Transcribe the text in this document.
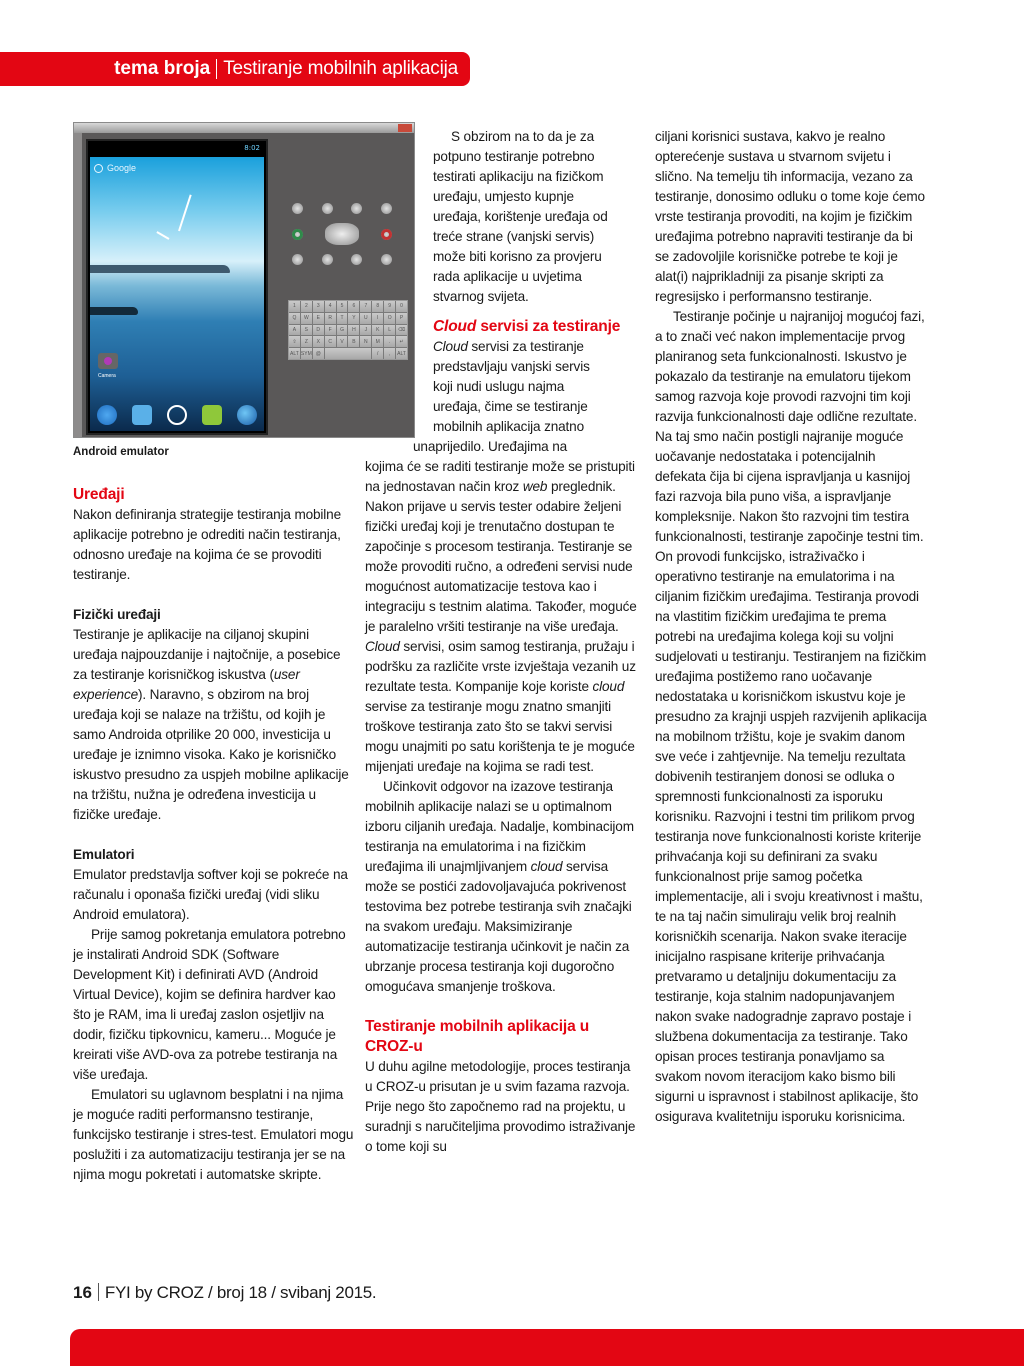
tema broja Testiranje mobilnih aplikacija
8:02
Google
Camera
1	2	3	4	5	6	7	8	9	0
Q	W	E	R	T	Y	U	I	O	P
A	S	D	F	G	H	J	K	L	⌫
⇧	Z	X	C	V	B	N	M	.	↵
ALT SYM @	/	,	ALT
Android emulator
Uređaji

Nakon definiranja strategije testiranja mobilne aplikacije potrebno je odrediti način testiranja, odnosno uređaje na kojima će se provoditi testiranje.

Fizički uređaji

Testiranje je aplikacije na ciljanoj skupini uređaja najpouzdanije i najtočnije, a posebice za testiranje korisničkog iskustva (user experience). Naravno, s obzirom na broj uređaja koji se nalaze na tržištu, od kojih je samo Androida otprilike 20 000, investicija u uređaje je iznimno visoka. Kako je korisničko iskustvo presudno za uspjeh mobilne aplikacije na tržištu, nužna je određena investicija u fizičke uređaje.

Emulatori

Emulator predstavlja softver koji se pokreće na računalu i oponaša fizički uređaj (vidi sliku Android emulatora).

Prije samog pokretanja emulatora potrebno je instalirati Android SDK (Software Development Kit) i definirati AVD (Android Virtual Device), kojim se definira hardver kao što je RAM, ima li uređaj zaslon osjetljiv na dodir, fizičku tipkovnicu, kameru... Moguće je kreirati više AVD-ova za potrebe testiranja na više uređaja.

Emulatori su uglavnom besplatni i na njima je moguće raditi performansno testiranje, funkcijsko testiranje i stres-test. Emulatori mogu poslužiti i za automatizaciju testiranja jer se na njima mogu pokretati i automatske skripte.

S obzirom na to da je za
potpuno testiranje potrebno
testirati aplikaciju na fizičkom
uređaju, umjesto kupnje
uređaja, korištenje uređaja od
treće strane (vanjski servis)
može biti korisno za provjeru
rada aplikacije u uvjetima
stvarnog svijeta.
Cloud servisi za testiranje
Cloud servisi za testiranje
predstavljaju vanjski servis
koji nudi uslugu najma
uređaja, čime se testiranje
mobilnih aplikacija znatno

unaprijedilo. Uređajima na

kojima će se raditi testiranje može se pristupiti na jednostavan način kroz web preglednik. Nakon prijave u servis tester odabire željeni fizički uređaj koji je trenutačno dostupan te započinje s procesom testiranja. Testiranje se može provoditi ručno, a određeni servisi nude mogućnost automatizacije testova kao i integraciju s testnim alatima. Također, moguće je paralelno vršiti testiranje na više uređaja. Cloud servisi, osim samog testiranja, pružaju i podršku za različite vrste izvještaja vezanih uz rezultate testa. Kompanije koje koriste cloud servise za testiranje mogu znatno smanjiti troškove testiranja zato što se takvi servisi mogu unajmiti po satu korištenja te je moguće mijenjati uređaje na kojima se radi test.

Učinkovit odgovor na izazove testiranja mobilnih aplikacije nalazi se u optimalnom izboru ciljanih uređaja. Nadalje, kombinacijom testiranja na emulatorima i na fizičkim uređajima ili unajmljivanjem cloud servisa može se postići zadovoljavajuća pokrivenost testovima bez potrebe testiranja svih značajki na svakom uređaju. Maksimiziranje automatizacije testiranja učinkovit je način za ubrzanje procesa testiranja koji dugoročno omogućava smanjenje troškova.

Testiranje mobilnih aplikacija u CROZ-u

U duhu agilne metodologije, proces testiranja u CROZ-u prisutan je u svim fazama razvoja. Prije nego što započnemo rad na projektu, u suradnji s naručiteljima provodimo istraživanje o tome koji su

ciljani korisnici sustava, kakvo je realno opterećenje sustava u stvarnom svijetu i slično. Na temelju tih informacija, vezano za testiranje, donosimo odluku o tome koje ćemo vrste testiranja provoditi, na kojim je fizičkim uređajima potrebno napraviti testiranje da bi se zadovoljile korisničke potrebe te koji je alat(i) najprikladniji za pisanje skripti za regresijsko i performansno testiranje.

Testiranje počinje u najranijoj mogućoj fazi, a to znači već nakon implementacije prvog planiranog seta funkcionalnosti. Iskustvo je pokazalo da testiranje na emulatoru tijekom samog razvoja koje provodi razvojni tim koji razvija funkcionalnosti daje odlične rezultate. Na taj smo način postigli najranije moguće uočavanje nedostataka i potencijalnih defekata čija bi cijena ispravljanja u kasnijoj fazi razvoja bila puno viša, a ispravljanje kompleksnije. Nakon što razvojni tim testira funkcionalnosti, testiranje započinje testni tim. On provodi funkcijsko, istraživačko i operativno testiranje na emulatorima i na ciljanim fizičkim uređajima. Testiranja provodi na vlastitim fizičkim uređajima te prema potrebi na uređajima kolega koji su voljni sudjelovati u testiranju. Testiranjem na fizičkim uređajima postižemo rano uočavanje nedostataka u korisničkom iskustvu koje je presudno za krajnji uspjeh razvijenih aplikacija na mobilnom tržištu, koje je svakim danom sve veće i zahtjevnije. Na temelju rezultata dobivenih testiranjem donosi se odluka o spremnosti funkcionalnosti za isporuku korisniku. Razvojni i testni tim prilikom prvog testiranja nove funkcionalnosti koriste kriterije prihvaćanja koji su definirani za svaku funkcionalnost prije samog početka implementacije, ali i svoju kreativnost i maštu, te na taj način simuliraju velik broj realnih korisničkih scenarija. Nakon svake iteracije inicijalno raspisane kriterije prihvaćanja pretvaramo u detaljniju dokumentaciju za testiranje, koja stalnim nadopunjavanjem nakon svake nadogradnje zapravo postaje i službena dokumentacija za testiranje. Tako opisan proces testiranja ponavljamo sa svakom novom iteracijom kako bismo bili sigurni u ispravnost i stabilnost aplikacije, što osigurava kvalitetniju isporuku korisnicima.

16 FYI by CROZ / broj 18 / svibanj 2015.
